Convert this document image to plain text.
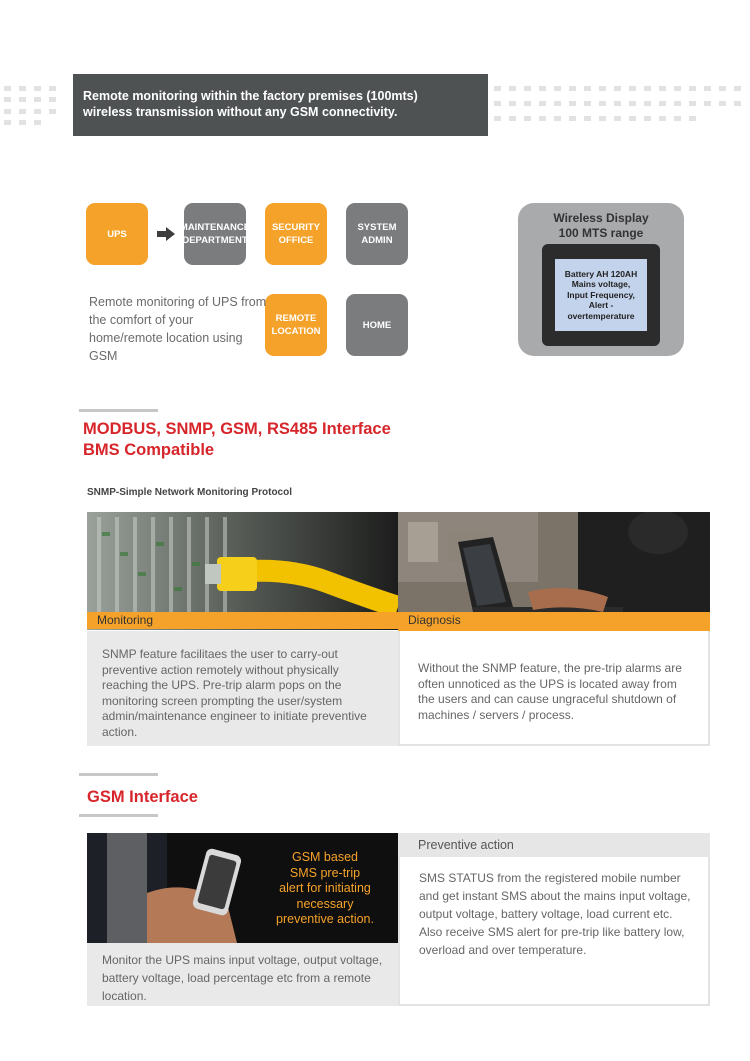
Remote monitoring within the factory premises (100mts)
wireless transmission without any GSM connectivity.
UPS
MAINTENANCE
DEPARTMENT
SECURITY
OFFICE
SYSTEM
ADMIN
REMOTE
LOCATION
HOME
Remote monitoring of UPS from the comfort of your home/remote location using GSM
Wireless Display
100 MTS range
Battery AH 120AH
Mains voltage,
Input Frequency,
Alert -
overtemperature
MODBUS, SNMP, GSM, RS485 Interface
BMS Compatible
SNMP-Simple Network Monitoring Protocol
Monitoring	Diagnosis
SNMP feature facilitaes the user to carry-out preventive action remotely without physically reaching the UPS. Pre-trip alarm pops on the monitoring screen prompting the user/system admin/maintenance engineer to initiate preventive action.
Without the SNMP feature, the pre-trip alarms are often unnoticed as the UPS is located away from the users and can cause ungraceful shutdown of machines / servers / process.
GSM Interface
GSM based
SMS pre-trip
alert for initiating
necessary
preventive action.
Monitor the UPS mains input voltage, output voltage, battery voltage, load percentage etc from a remote location.
Preventive action
SMS STATUS from the registered mobile number and get instant SMS about the mains input voltage, output voltage, battery voltage, load current etc. Also receive SMS alert for pre-trip like battery low, overload and over temperature.
